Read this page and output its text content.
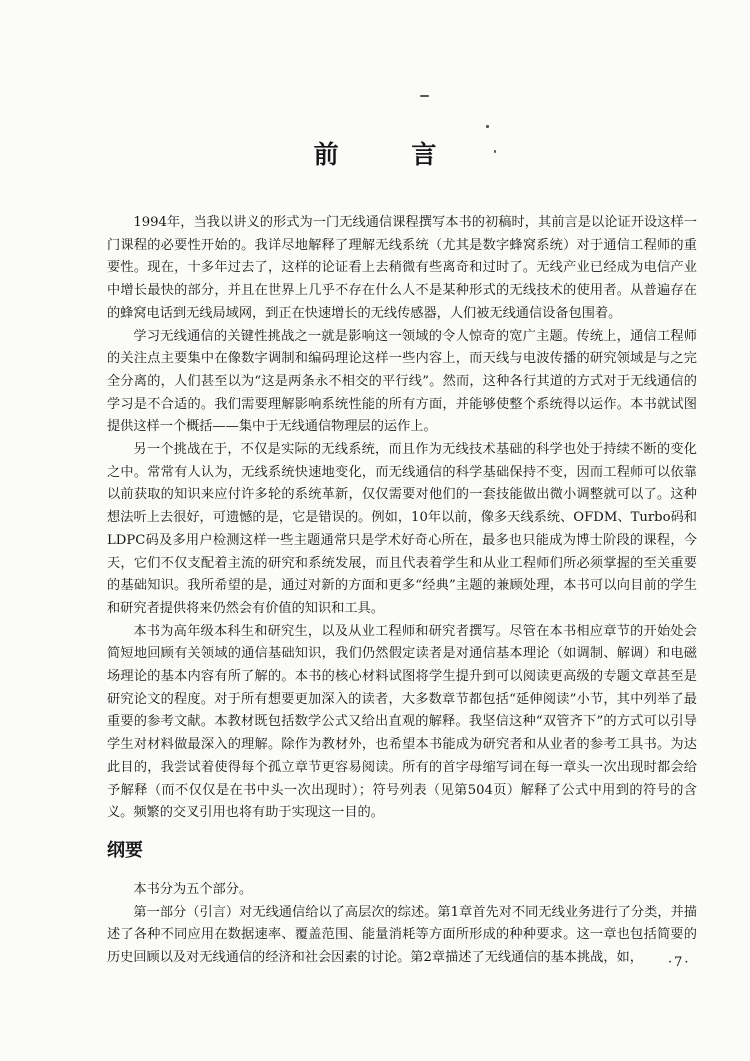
前 言

1994年，当我以讲义的形式为一门无线通信课程撰写本书的初稿时，其前言是以论证开设这样一门课程的必要性开始的。我详尽地解释了理解无线系统（尤其是数字蜂窝系统）对于通信工程师的重要性。现在，十多年过去了，这样的论证看上去稍微有些离奇和过时了。无线产业已经成为电信产业中增长最快的部分，并且在世界上几乎不存在什么人不是某种形式的无线技术的使用者。从普遍存在的蜂窝电话到无线局域网，到正在快速增长的无线传感器，人们被无线通信设备包围着。

学习无线通信的关键性挑战之一就是影响这一领域的令人惊奇的宽广主题。传统上，通信工程师的关注点主要集中在像数字调制和编码理论这样一些内容上，而天线与电波传播的研究领域是与之完全分离的，人们甚至以为“这是两条永不相交的平行线”。然而，这种各行其道的方式对于无线通信的学习是不合适的。我们需要理解影响系统性能的所有方面，并能够使整个系统得以运作。本书就试图提供这样一个概括——集中于无线通信物理层的运作上。

另一个挑战在于，不仅是实际的无线系统，而且作为无线技术基础的科学也处于持续不断的变化之中。常常有人认为，无线系统快速地变化，而无线通信的科学基础保持不变，因而工程师可以依靠以前获取的知识来应付许多轮的系统革新，仅仅需要对他们的一套技能做出微小调整就可以了。这种想法听上去很好，可遗憾的是，它是错误的。例如，10年以前，像多天线系统、OFDM、Turbo码和LDPC码及多用户检测这样一些主题通常只是学术好奇心所在，最多也只能成为博士阶段的课程，今天，它们不仅支配着主流的研究和系统发展，而且代表着学生和从业工程师们所必须掌握的至关重要的基础知识。我所希望的是，通过对新的方面和更多“经典”主题的兼顾处理，本书可以向目前的学生和研究者提供将来仍然会有价值的知识和工具。

本书为高年级本科生和研究生，以及从业工程师和研究者撰写。尽管在本书相应章节的开始处会简短地回顾有关领域的通信基础知识，我们仍然假定读者是对通信基本理论（如调制、解调）和电磁场理论的基本内容有所了解的。本书的核心材料试图将学生提升到可以阅读更高级的专题文章甚至是研究论文的程度。对于所有想要更加深入的读者，大多数章节都包括“延伸阅读”小节，其中列举了最重要的参考文献。本教材既包括数学公式又给出直观的解释。我坚信这种“双管齐下”的方式可以引导学生对材料做最深入的理解。除作为教材外，也希望本书能成为研究者和从业者的参考工具书。为达此目的，我尝试着使得每个孤立章节更容易阅读。所有的首字母缩写词在每一章头一次出现时都会给予解释（而不仅仅是在书中头一次出现时）；符号列表（见第504页）解释了公式中用到的符号的含义。频繁的交叉引用也将有助于实现这一目的。

纲要

本书分为五个部分。

第一部分（引言）对无线通信给以了高层次的综述。第1章首先对不同无线业务进行了分类，并描述了各种不同应用在数据速率、覆盖范围、能量消耗等方面所形成的种种要求。这一章也包括简要的历史回顾以及对无线通信的经济和社会因素的讨论。第2章描述了无线通信的基本挑战，如，	·7·
